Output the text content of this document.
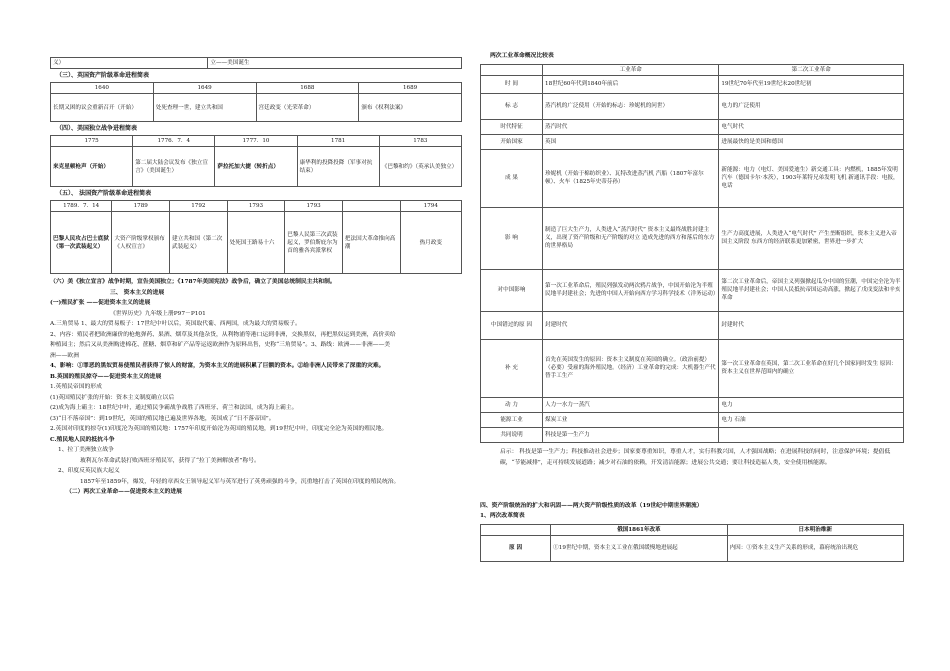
义）	立——美国诞生
（三）、英国资产阶级革命进程简表
1640	1649	1688	1689
长期又困的议会重新召开（开始）	处死查理一世，建立共和国	宫廷政变（光荣革命）	颁布《权利法案》
（四）、美国独立战争进程简表
1775	1776．7．4	1777．10	1781	1783
来克星顿枪声（开始）	第二届大陆会议发布《独立宣言》（美国诞生）	萨拉托加大捷（转折点）	康华利的投降投降（军事对抗结束）	《巴黎和约》（英承认美独立）
（五）、 法国资产阶级革命进程简表
1789．7．14	1789	1792	1793	1793		1794
巴黎人民攻占巴士底狱（第一次武装起义）	大资产阶级掌权颁布《人权宣言》	建立共和国（第二次武装起义）	处死国王路易十六	巴黎人民第三次武装起义，罗伯斯庇尔为首的雅各宾派掌权	把法国大革命推向高潮	热月政变

（六）美《独立宣言》战争时期，宣告美国独立；《1787年美国宪法》战争后，确立了美国总统制民主共和制。

三、 资本主义的进展

(一)殖民扩张 ——促进资本主义的进展

《世界历史》九年级上册P97－P101

A.三角贸易 1、最大的贸易贩子：17世纪中叶以后，英国取代葡、西两国，成为最大的贸易贩子。

2、内容：殖民者把欧洲廉价的枪炮弹药、果酒、烟草及其他杂货，从利物浦等港口运到非洲，交换黑奴，再把黑奴运到美洲，高价卖给

种植园主；然后又从美洲购进棉花、蔗糖、烟草和矿产品等运返欧洲作为原料出售，史称“三角贸易”。3、路线：欧洲——非洲——美

洲——欧洲

4、影响：①罪恶的黑奴贸易使殖民者获得了惊人的财富，为资本主义的进展积累了巨额的资本。②给非洲人民带来了深重的灾难。

B.英国的殖民掠夺——促进资本主义的进展

1.英殖民帝国的形成

(1)英国殖民扩张的开始：资本主义制度确立以后

(2)成为海上霸主：18世纪中叶，通过殖民争霸战争战胜了西班牙、荷兰和法国，成为海上霸主。

(3)“日不落帝国”：到19世纪，英国的殖民地已遍及世界各地，英国成了“日不落帝国”。

2.英国对印度的掠夺(1)印度沦为英国的殖民地：1757年印度开始沦为英国的殖民地，到19世纪中叶，印度完全沦为英国的殖民地。

C.殖民地人民的抵抗斗争

1、拉丁美洲独立战争

玻利瓦尔革命武装打败西班牙殖民军，获得了“拉丁美洲解放者”称号。

2、印度反英民族大起义

1857年至1859年，爆发，年轻的章西女王领导起义军与英军进行了英勇顽强的斗争，沉重地打击了英国在印度的殖民统治。

（二）两次工业革命——促进资本主义的进展

两次工业革命概况比较表

	工业革命	第二次工业革命
时 间	18世纪60年代到1840年前后	19世纪70年代至19世纪末20世纪初
标 志	蒸汽机的广泛使用（开始的标志：珍妮机的问世）	电力的广泛使用
时代特征	蒸汽时代	电气时代
开始国家	英国	进展最快的是美国和德国
成 果	珍妮机（开始于棉纺织业）、瓦特改进蒸汽机 汽船（1807年富尔顿）、火车（1825年史蒂芬孙）	新能源：电力（电灯、美国爱迪生）新交通工具：内燃机，1885年发明汽车（德国卡尔·本茨），1903年莱特兄弟发明飞机 新通讯手段：电报，电话
影 响	制造了巨大生产力，人类进入“蒸汽时代” 资本主义最终战胜封建主义，出现了资产阶级和无产阶级的对立 造成先进的西方和落后的东方的世界格局	生产力高度进展，人类进入“电气时代” 产生垄断组织，资本主义进入帝国主义阶段 东西方的经济联系更加紧密，世界进一步扩大
对中国影响	第一次工业革命后，殖民列强发动两次鸦片战争，中国开始沦为半殖民地半封建社会；先进的中国人开始向西方学习科学技术（洋务运动）	第二次工业革命后，帝国主义列强掀起瓜分中国的狂潮，中国完全沦为半殖民地半封建社会；中国人民抵抗帝国运动高涨，掀起了戊戌变法和辛亥革命
中国错过的原 因	封建时代	封建时代
补 充	首先在英国发生的原因：资本主义制度在英国的确立。（政治前提）（必要）受雇的海外殖民地。（经济）工业革命的完成：大机器生产代替手工生产	第一次工业革命在英国，第二次工业革命在好几个国家同时发生 原因：资本主义在世界范围内的确立
动 力	人力一水力一蒸汽	电力
能源工业	煤炭工业	电力 石油
共同说明	科技是第一生产力	

启示： 科技是第一生产力；科技推动社会进步；国家要尊重知识，尊重人才，实行科教兴国，人才强国战略；在进展科技的同时，注意保护环境；提倡低碳，“节能减排”，走可持续发展道路；减少对石油的依赖，开发清洁能源；进展公共交通；要让科技造福人类，安全使用核能源。

四、资产阶级统治的扩大和巩固——两大资产阶级性质的改革（19世纪中期世界潮流）

1、两次改革简表

	俄国1861年改革	日本明治维新
原 因	①19世纪中期，资本主义工业在俄国缓慢地进展起	内因：①资本主义生产关系的形成，幕府统治出现危
